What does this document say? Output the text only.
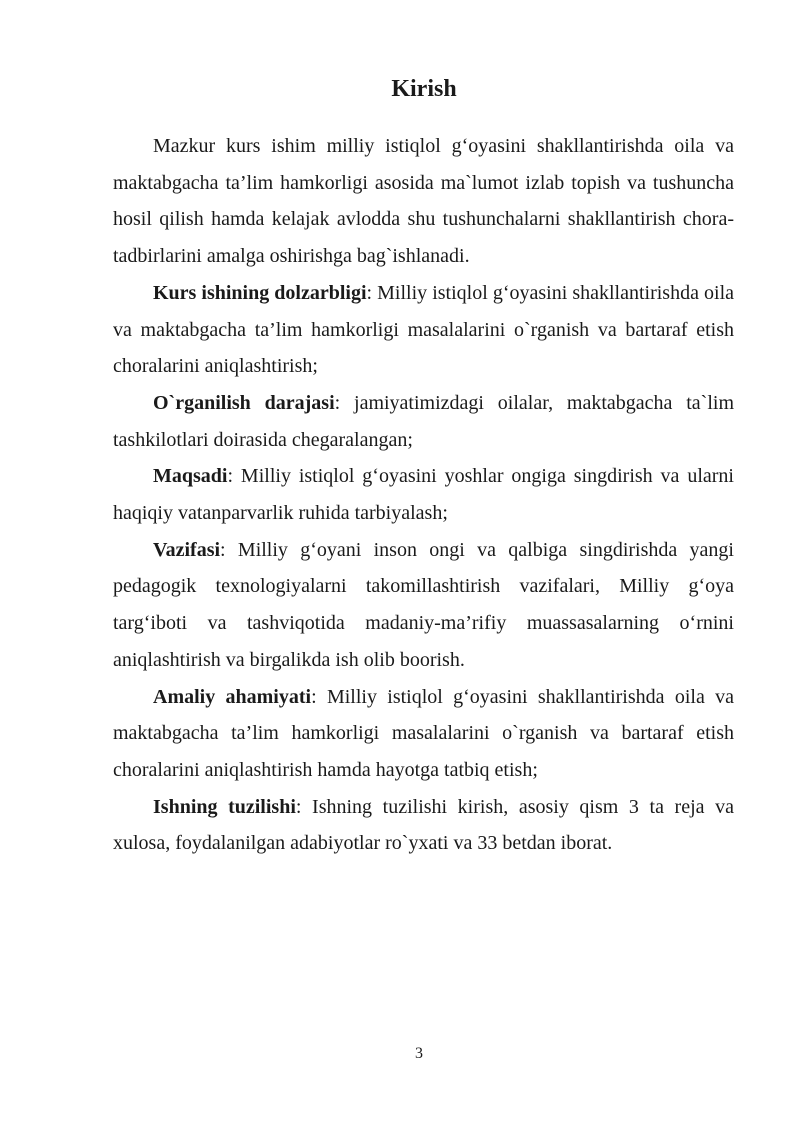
Kirish

Mazkur kurs ishim milliy istiqlol g‘oyasini shakllantirishda oila va maktabgacha ta’lim hamkorligi asosida ma`lumot izlab topish va tushuncha hosil qilish hamda kelajak avlodda shu tushunchalarni shakllantirish chora-tadbirlarini amalga oshirishga bag`ishlanadi.

Kurs ishining dolzarbligi: Milliy istiqlol g‘oyasini shakllantirishda oila va maktabgacha ta’lim hamkorligi masalalarini o`rganish va bartaraf etish choralarini aniqlashtirish;

O`rganilish darajasi: jamiyatimizdagi oilalar, maktabgacha ta`lim tashkilotlari doirasida chegaralangan;

Maqsadi: Milliy istiqlol g‘oyasini yoshlar ongiga singdirish va ularni haqiqiy vatanparvarlik ruhida tarbiyalash;

Vazifasi: Milliy g‘oyani inson ongi va qalbiga singdirishda yangi pedagogik texnologiyalarni takomillashtirish vazifalari, Milliy g‘oya targ‘iboti va tashviqotida madaniy-ma’rifiy muassasalarning o‘rnini aniqlashtirish va birgalikda ish olib boorish.

Amaliy ahamiyati: Milliy istiqlol g‘oyasini shakllantirishda oila va maktabgacha ta’lim hamkorligi masalalarini o`rganish va bartaraf etish choralarini aniqlashtirish hamda hayotga tatbiq etish;

Ishning tuzilishi: Ishning tuzilishi kirish, asosiy qism 3 ta reja va xulosa, foydalanilgan adabiyotlar ro`yxati va 33 betdan iborat.

3
